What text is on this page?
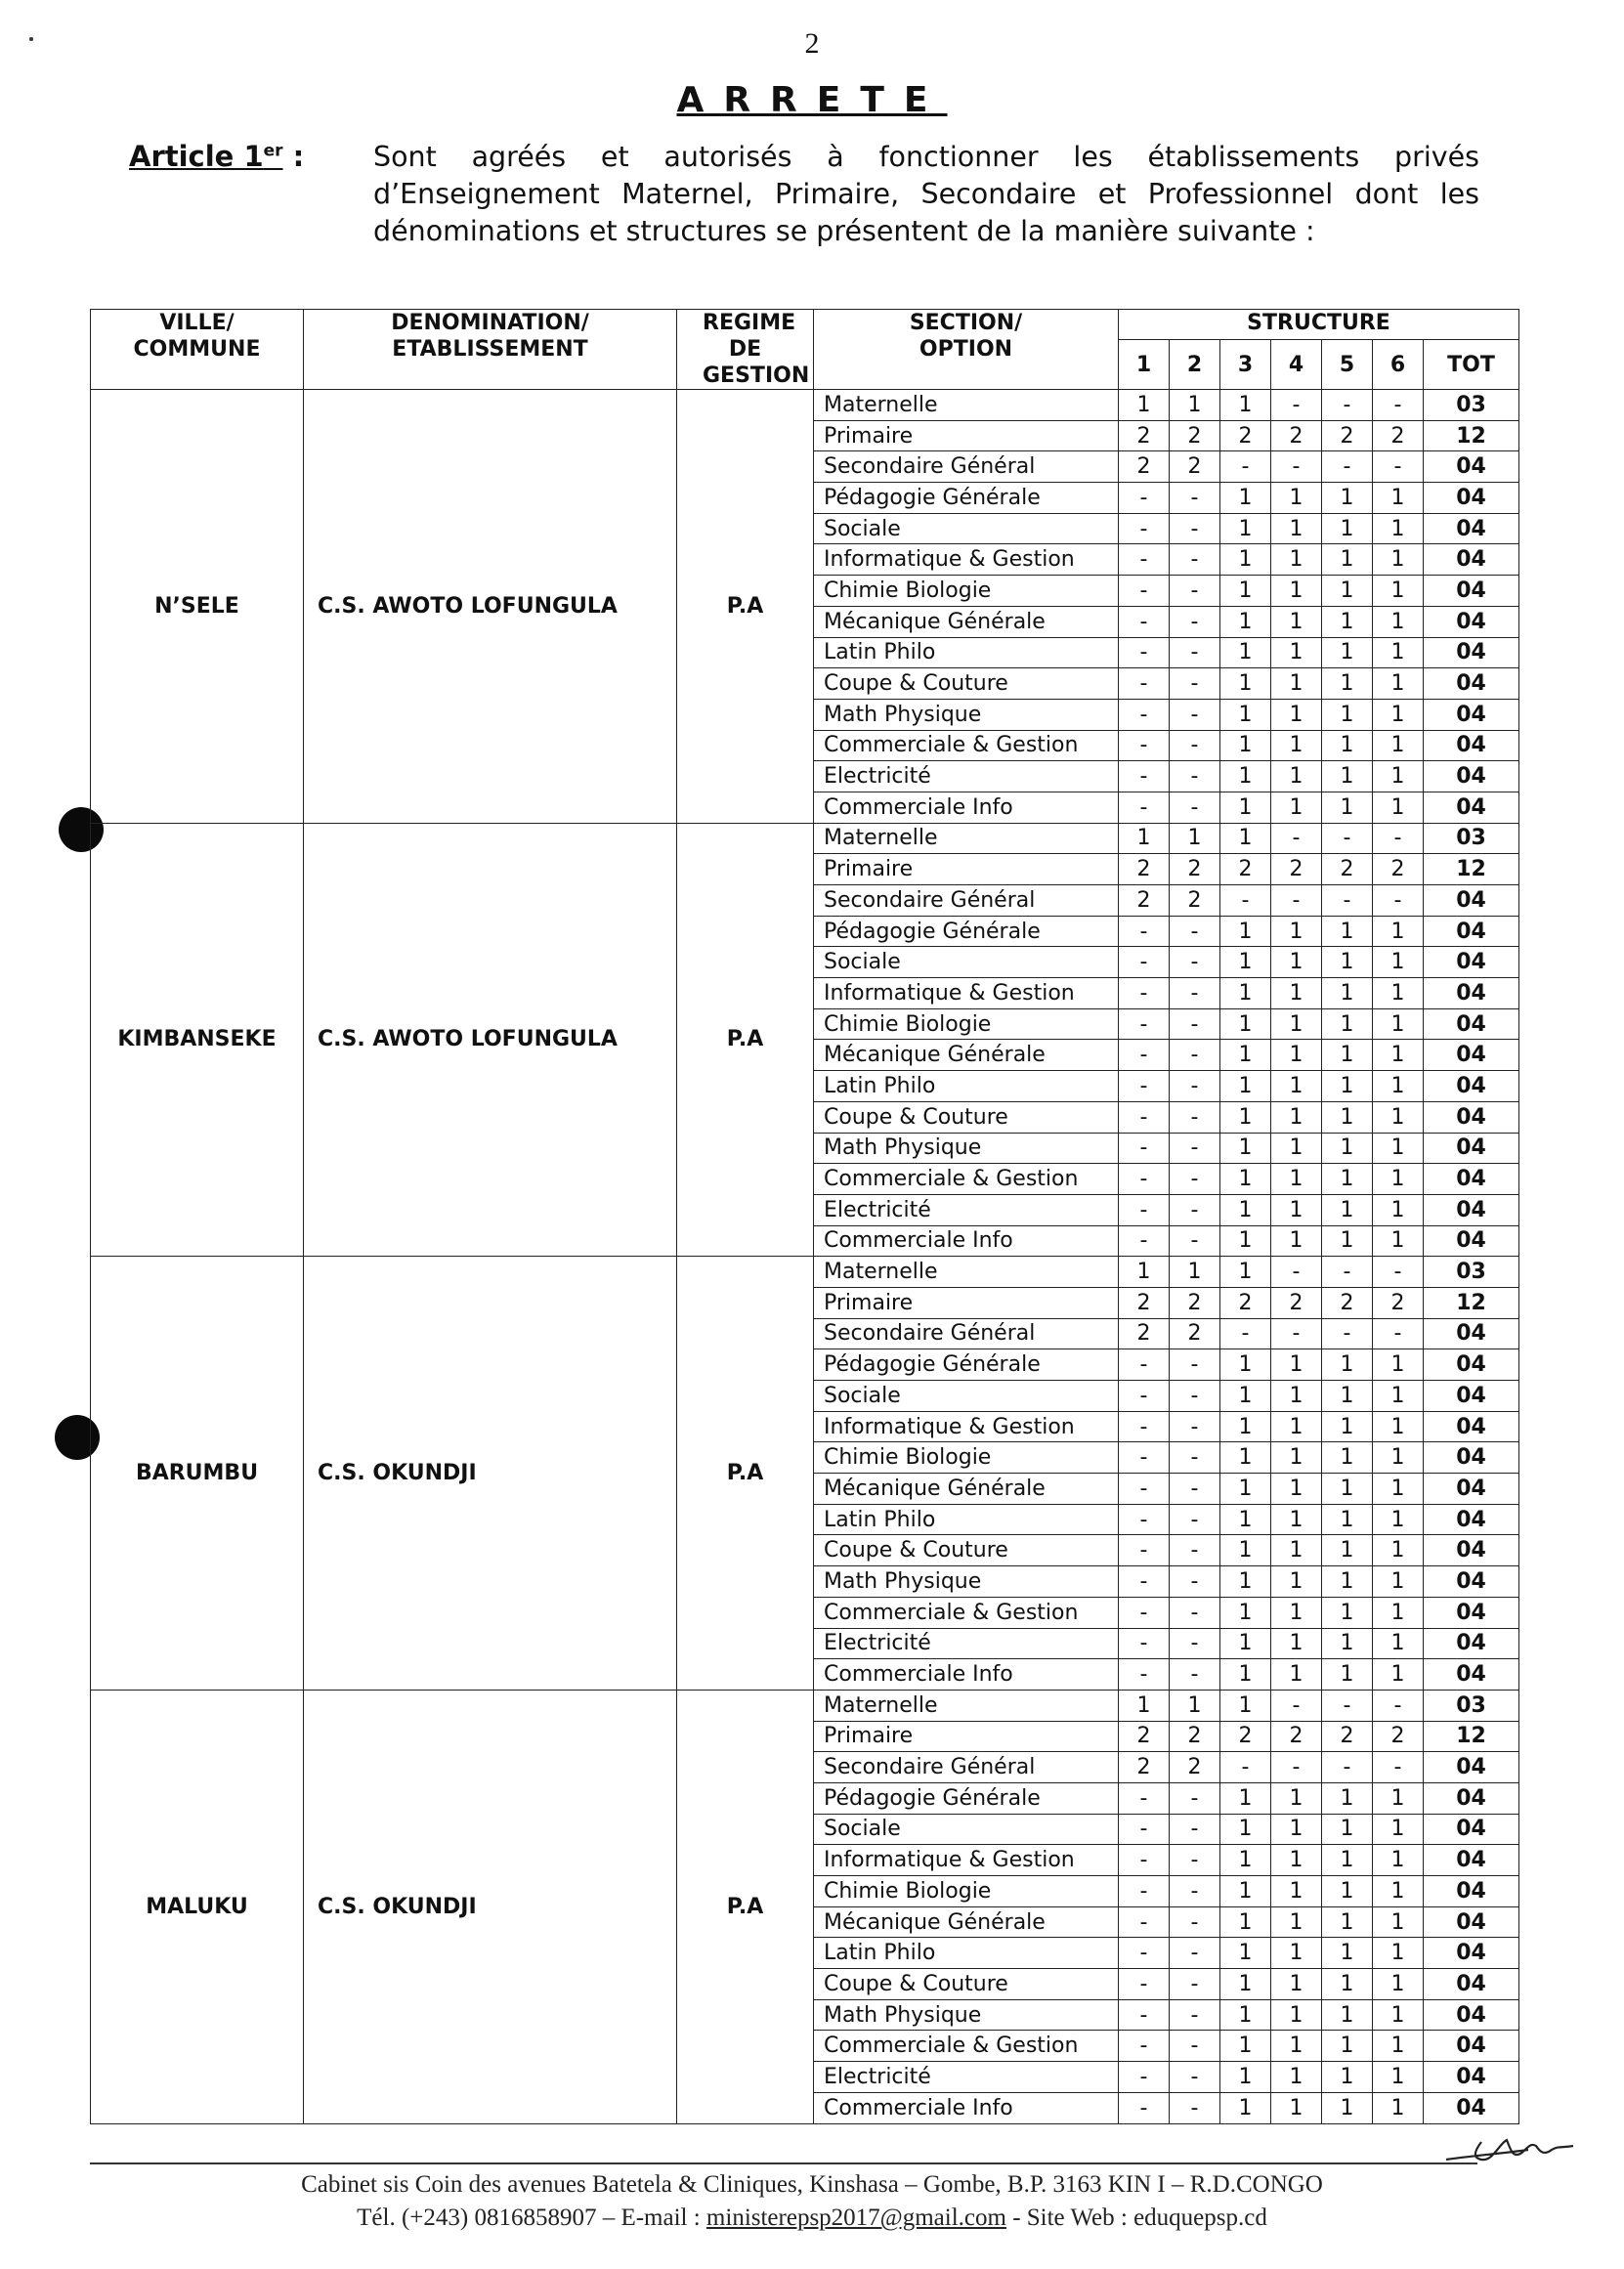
2
ARRETE
Article 1er : Sont agréés et autorisés à fonctionner les établissements privés d’Enseignement Maternel, Primaire, Secondaire et Professionnel dont les dénominations et structures se présentent de la manière suivante :
VILLE/ COMMUNE	DENOMINATION/ ETABLISSEMENT	REGIME DE GESTION	SECTION/ OPTION	STRUCTURE						
				1	2	3	4	5	6	TOT
N’SELE	C.S. AWOTO LOFUNGULA	P.A	Maternelle	1	1	1	-	-	-	03
			Primaire	2	2	2	2	2	2	12
			Secondaire Général	2	2	-	-	-	-	04
			Pédagogie Générale	-	-	1	1	1	1	04
			Sociale	-	-	1	1	1	1	04
			Informatique & Gestion	-	-	1	1	1	1	04
			Chimie Biologie	-	-	1	1	1	1	04
			Mécanique Générale	-	-	1	1	1	1	04
			Latin Philo	-	-	1	1	1	1	04
			Coupe & Couture	-	-	1	1	1	1	04
			Math Physique	-	-	1	1	1	1	04
			Commerciale & Gestion	-	-	1	1	1	1	04
			Electricité	-	-	1	1	1	1	04
			Commerciale Info	-	-	1	1	1	1	04
KIMBANSEKE	C.S. AWOTO LOFUNGULA	P.A	Maternelle	1	1	1	-	-	-	03
			Primaire	2	2	2	2	2	2	12
			Secondaire Général	2	2	-	-	-	-	04
			Pédagogie Générale	-	-	1	1	1	1	04
			Sociale	-	-	1	1	1	1	04
			Informatique & Gestion	-	-	1	1	1	1	04
			Chimie Biologie	-	-	1	1	1	1	04
			Mécanique Générale	-	-	1	1	1	1	04
			Latin Philo	-	-	1	1	1	1	04
			Coupe & Couture	-	-	1	1	1	1	04
			Math Physique	-	-	1	1	1	1	04
			Commerciale & Gestion	-	-	1	1	1	1	04
			Electricité	-	-	1	1	1	1	04
			Commerciale Info	-	-	1	1	1	1	04
BARUMBU	C.S. OKUNDJI	P.A	Maternelle	1	1	1	-	-	-	03
			Primaire	2	2	2	2	2	2	12
			Secondaire Général	2	2	-	-	-	-	04
			Pédagogie Générale	-	-	1	1	1	1	04
			Sociale	-	-	1	1	1	1	04
			Informatique & Gestion	-	-	1	1	1	1	04
			Chimie Biologie	-	-	1	1	1	1	04
			Mécanique Générale	-	-	1	1	1	1	04
			Latin Philo	-	-	1	1	1	1	04
			Coupe & Couture	-	-	1	1	1	1	04
			Math Physique	-	-	1	1	1	1	04
			Commerciale & Gestion	-	-	1	1	1	1	04
			Electricité	-	-	1	1	1	1	04
			Commerciale Info	-	-	1	1	1	1	04
MALUKU	C.S. OKUNDJI	P.A	Maternelle	1	1	1	-	-	-	03
			Primaire	2	2	2	2	2	2	12
			Secondaire Général	2	2	-	-	-	-	04
			Pédagogie Générale	-	-	1	1	1	1	04
			Sociale	-	-	1	1	1	1	04
			Informatique & Gestion	-	-	1	1	1	1	04
			Chimie Biologie	-	-	1	1	1	1	04
			Mécanique Générale	-	-	1	1	1	1	04
			Latin Philo	-	-	1	1	1	1	04
			Coupe & Couture	-	-	1	1	1	1	04
			Math Physique	-	-	1	1	1	1	04
			Commerciale & Gestion	-	-	1	1	1	1	04
			Electricité	-	-	1	1	1	1	04
			Commerciale Info	-	-	1	1	1	1	04
Cabinet sis Coin des avenues Batetela & Cliniques, Kinshasa – Gombe, B.P. 3163 KIN I – R.D.CONGO
Tél. (+243) 0816858907 – E-mail : ministerepsp2017@gmail.com - Site Web : eduquepsp.cd
